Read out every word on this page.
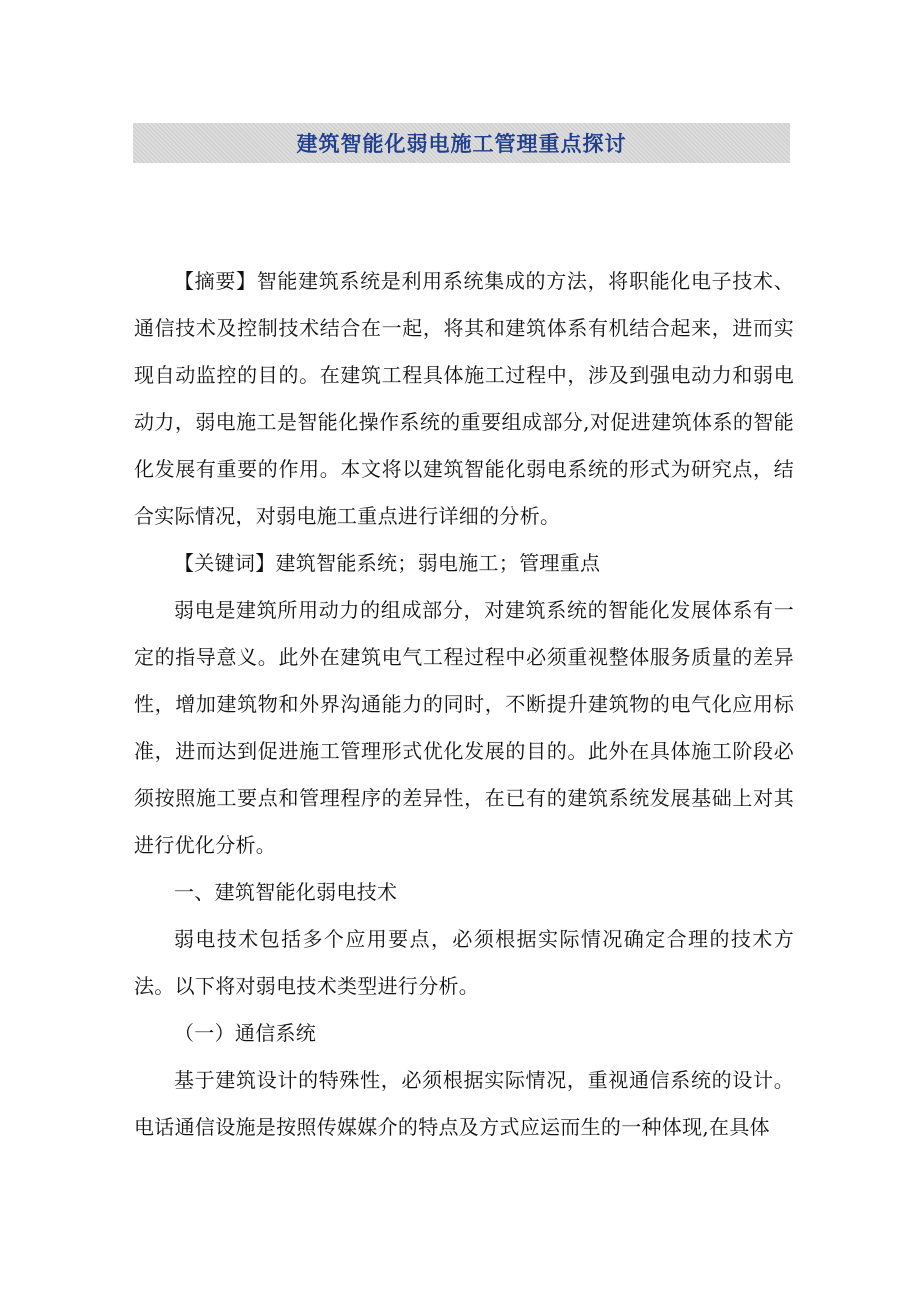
建筑智能化弱电施工管理重点探讨

【摘要】智能建筑系统是利用系统集成的方法，将职能化电子技术、通信技术及控制技术结合在一起，将其和建筑体系有机结合起来，进而实现自动监控的目的。在建筑工程具体施工过程中，涉及到强电动力和弱电动力，弱电施工是智能化操作系统的重要组成部分,对促进建筑体系的智能化发展有重要的作用。本文将以建筑智能化弱电系统的形式为研究点，结合实际情况，对弱电施工重点进行详细的分析。

【关键词】建筑智能系统；弱电施工；管理重点

弱电是建筑所用动力的组成部分，对建筑系统的智能化发展体系有一定的指导意义。此外在建筑电气工程过程中必须重视整体服务质量的差异性，增加建筑物和外界沟通能力的同时，不断提升建筑物的电气化应用标准，进而达到促进施工管理形式优化发展的目的。此外在具体施工阶段必须按照施工要点和管理程序的差异性，在已有的建筑系统发展基础上对其进行优化分析。

一、建筑智能化弱电技术

弱电技术包括多个应用要点，必须根据实际情况确定合理的技术方法。以下将对弱电技术类型进行分析。

（一）通信系统

基于建筑设计的特殊性，必须根据实际情况，重视通信系统的设计。电话通信设施是按照传媒媒介的特点及方式应运而生的一种体现,在具体
